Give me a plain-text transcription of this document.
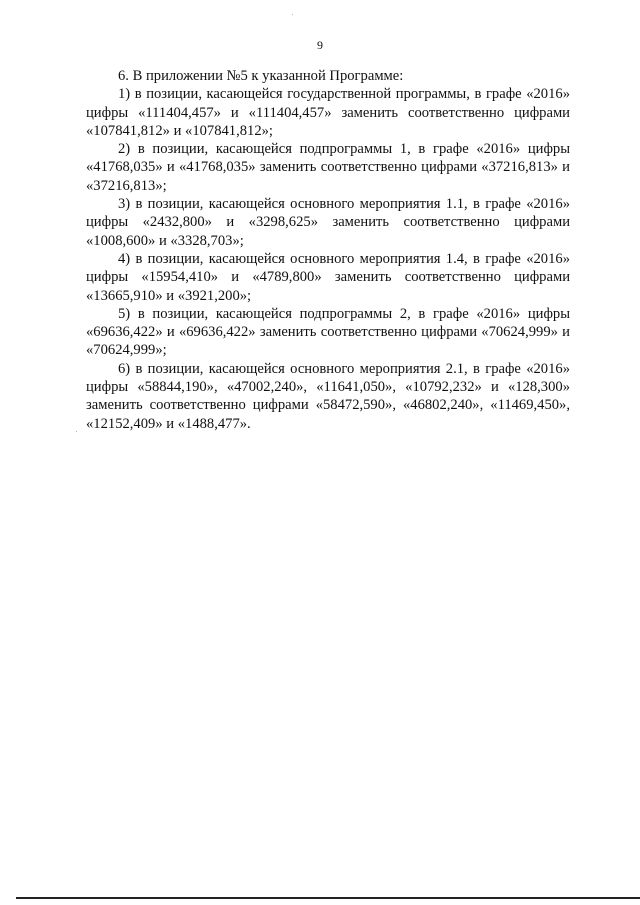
9

6. В приложении №5 к указанной Программе:

1) в позиции, касающейся государственной программы, в графе «2016» цифры «111404,457» и «111404,457» заменить соответственно цифрами «107841,812» и «107841,812»;

2) в позиции, касающейся подпрограммы 1, в графе «2016» цифры «41768,035» и «41768,035» заменить соответственно цифрами «37216,813» и «37216,813»;

3) в позиции, касающейся основного мероприятия 1.1, в графе «2016» цифры «2432,800» и «3298,625» заменить соответственно цифрами «1008,600» и «3328,703»;

4) в позиции, касающейся основного мероприятия 1.4, в графе «2016» цифры «15954,410» и «4789,800» заменить соответственно цифрами «13665,910» и «3921,200»;

5) в позиции, касающейся подпрограммы 2, в графе «2016» цифры «69636,422» и «69636,422» заменить соответственно цифрами «70624,999» и «70624,999»;

6) в позиции, касающейся основного мероприятия 2.1, в графе «2016» цифры «58844,190», «47002,240», «11641,050», «10792,232» и «128,300» заменить соответственно цифрами «58472,590», «46802,240», «11469,450», «12152,409» и «1488,477».
